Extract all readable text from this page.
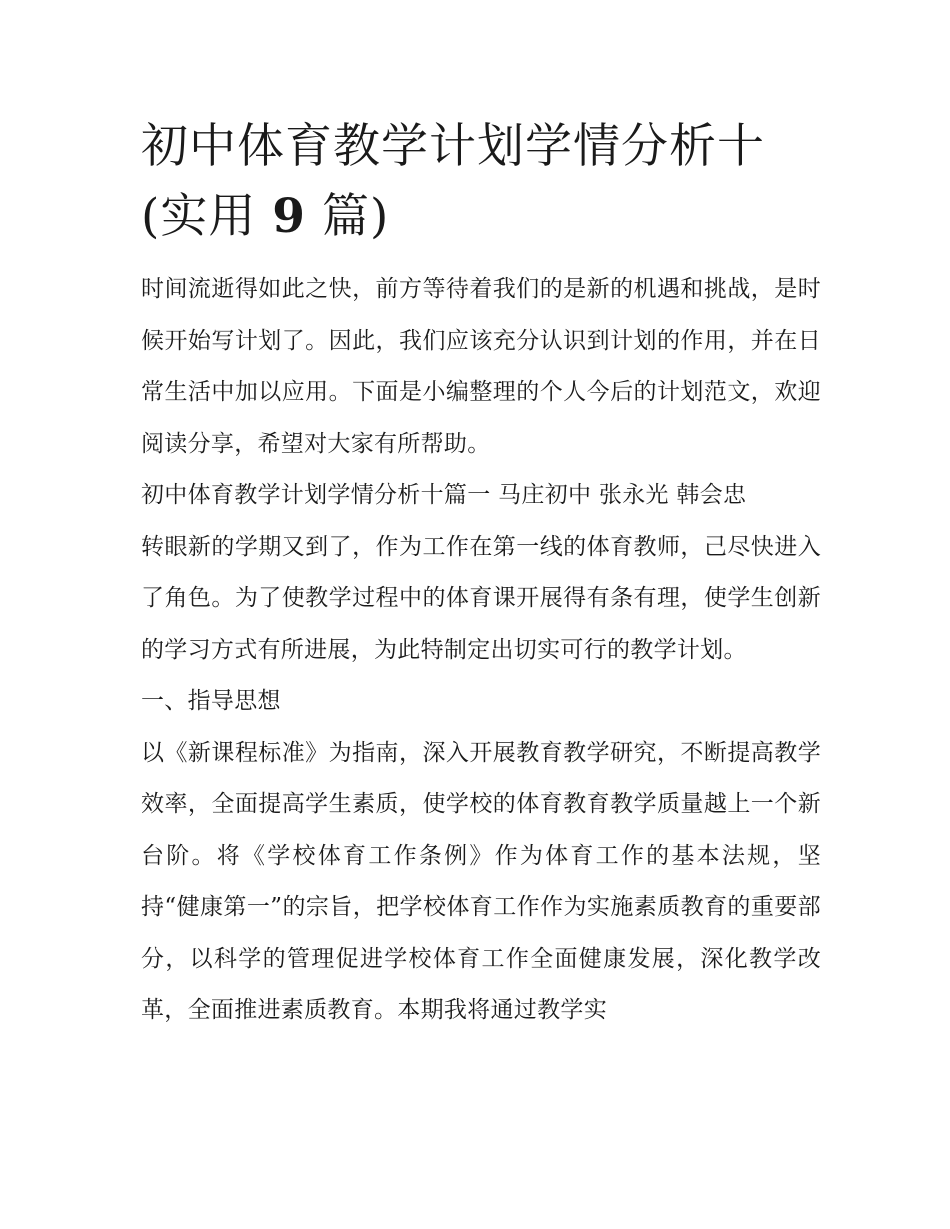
初中体育教学计划学情分析十
(实用 9 篇)

时间流逝得如此之快，前方等待着我们的是新的机遇和挑战，是时候开始写计划了。因此，我们应该充分认识到计划的作用，并在日常生活中加以应用。下面是小编整理的个人今后的计划范文，欢迎阅读分享，希望对大家有所帮助。

初中体育教学计划学情分析十篇一 马庄初中 张永光 韩会忠

转眼新的学期又到了，作为工作在第一线的体育教师，己尽快进入了角色。为了使教学过程中的体育课开展得有条有理，使学生创新的学习方式有所进展，为此特制定出切实可行的教学计划。

一、指导思想

以《新课程标准》为指南，深入开展教育教学研究，不断提高教学效率，全面提高学生素质，使学校的体育教育教学质量越上一个新台阶。将《学校体育工作条例》作为体育工作的基本法规，坚持“健康第一”的宗旨，把学校体育工作作为实施素质教育的重要部分，以科学的管理促进学校体育工作全面健康发展，深化教学改革，全面推进素质教育。本期我将通过教学实
